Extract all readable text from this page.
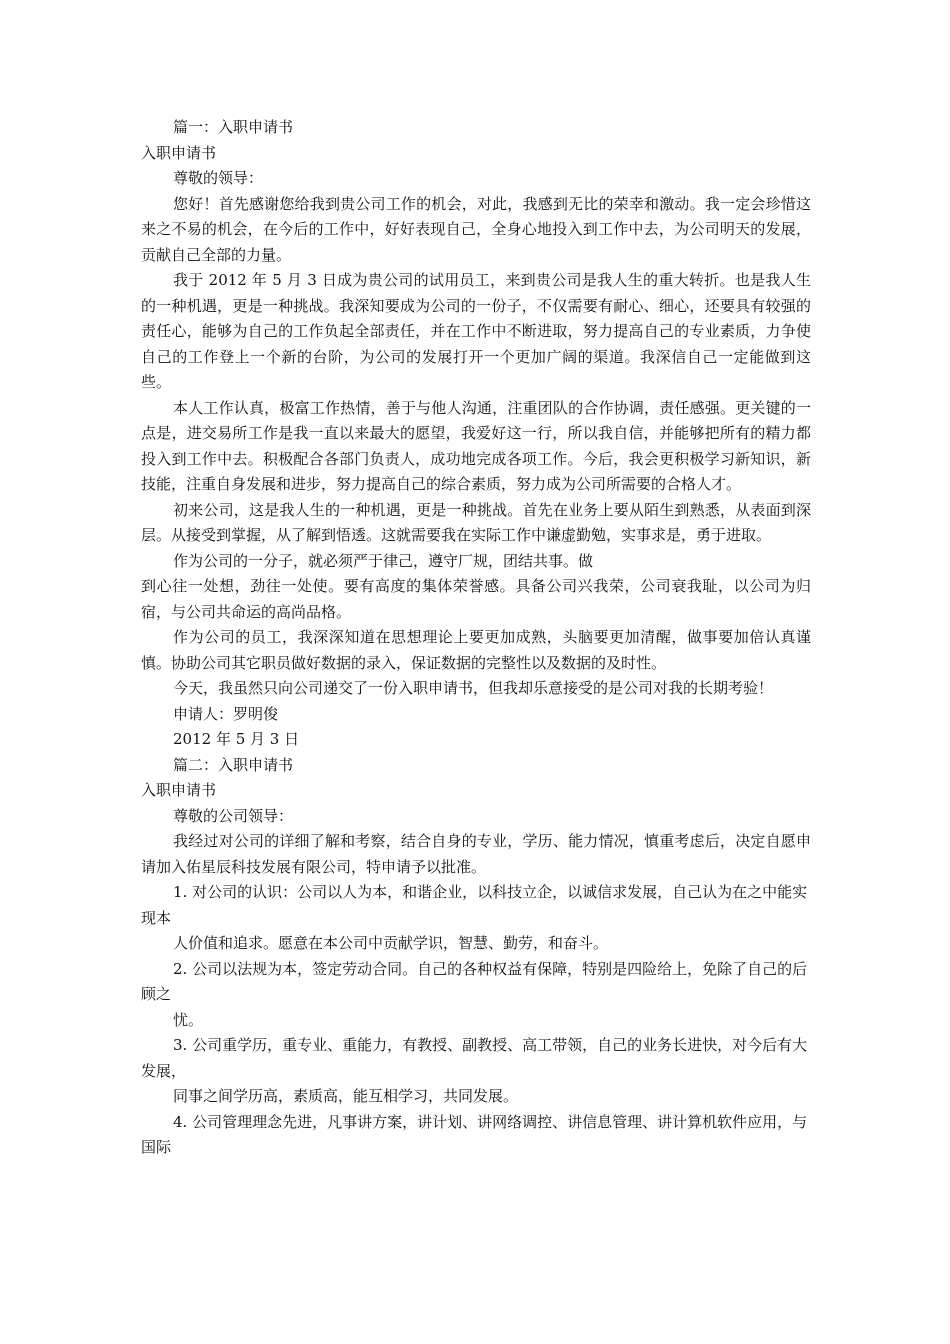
篇一：入职申请书

入职申请书

尊敬的领导：

您好！首先感谢您给我到贵公司工作的机会，对此，我感到无比的荣幸和激动。我一定会珍惜这来之不易的机会，在今后的工作中，好好表现自己，全身心地投入到工作中去，为公司明天的发展，贡献自己全部的力量。

我于 2012 年 5 月 3 日成为贵公司的试用员工，来到贵公司是我人生的重大转折。也是我人生的一种机遇，更是一种挑战。我深知要成为公司的一份子，不仅需要有耐心、细心，还要具有较强的责任心，能够为自己的工作负起全部责任，并在工作中不断进取，努力提高自己的专业素质，力争使自己的工作登上一个新的台阶，为公司的发展打开一个更加广阔的渠道。我深信自己一定能做到这些。

本人工作认真，极富工作热情，善于与他人沟通，注重团队的合作协调，责任感强。更关键的一点是，进交易所工作是我一直以来最大的愿望，我爱好这一行，所以我自信，并能够把所有的精力都投入到工作中去。积极配合各部门负责人，成功地完成各项工作。今后，我会更积极学习新知识，新技能，注重自身发展和进步，努力提高自己的综合素质，努力成为公司所需要的合格人才。

初来公司，这是我人生的一种机遇，更是一种挑战。首先在业务上要从陌生到熟悉，从表面到深层。从接受到掌握，从了解到悟透。这就需要我在实际工作中谦虚勤勉，实事求是，勇于进取。

作为公司的一分子，就必须严于律己，遵守厂规，团结共事。做

到心往一处想，劲往一处使。要有高度的集体荣誉感。具备公司兴我荣，公司衰我耻，以公司为归宿，与公司共命运的高尚品格。

作为公司的员工，我深深知道在思想理论上要更加成熟，头脑要更加清醒，做事要加倍认真谨慎。协助公司其它职员做好数据的录入，保证数据的完整性以及数据的及时性。

今天，我虽然只向公司递交了一份入职申请书，但我却乐意接受的是公司对我的长期考验！

申请人：罗明俊

2012 年 5 月 3 日

篇二：入职申请书

入职申请书

尊敬的公司领导：

我经过对公司的详细了解和考察，结合自身的专业，学历、能力情况，慎重考虑后，决定自愿申请加入佑星辰科技发展有限公司，特申请予以批准。

1. 对公司的认识：公司以人为本，和谐企业，以科技立企，以诚信求发展，自己认为在之中能实现本

人价值和追求。愿意在本公司中贡献学识，智慧、勤劳，和奋斗。

2. 公司以法规为本，签定劳动合同。自己的各种权益有保障，特别是四险给上，免除了自己的后顾之

忧。

3. 公司重学历，重专业、重能力，有教授、副教授、高工带领，自己的业务长进快，对今后有大发展，

同事之间学历高，素质高，能互相学习，共同发展。

4. 公司管理理念先进，凡事讲方案，讲计划、讲网络调控、讲信息管理、讲计算机软件应用，与国际
